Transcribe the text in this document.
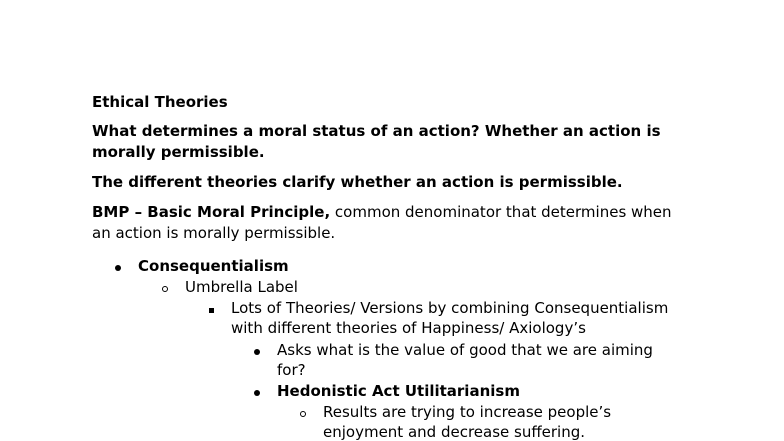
Ethical Theories

What determines a moral status of an action? Whether an action is morally permissible.

The different theories clarify whether an action is permissible.

BMP – Basic Moral Principle, common denominator that determines when an action is morally permissible.

Consequentialism
Umbrella Label
Lots of Theories/ Versions by combining Consequentialism
with different theories of Happiness/ Axiology’s
Asks what is the value of good that we are aiming
for?
Hedonistic Act Utilitarianism
Results are trying to increase people’s
enjoyment and decrease suffering.
